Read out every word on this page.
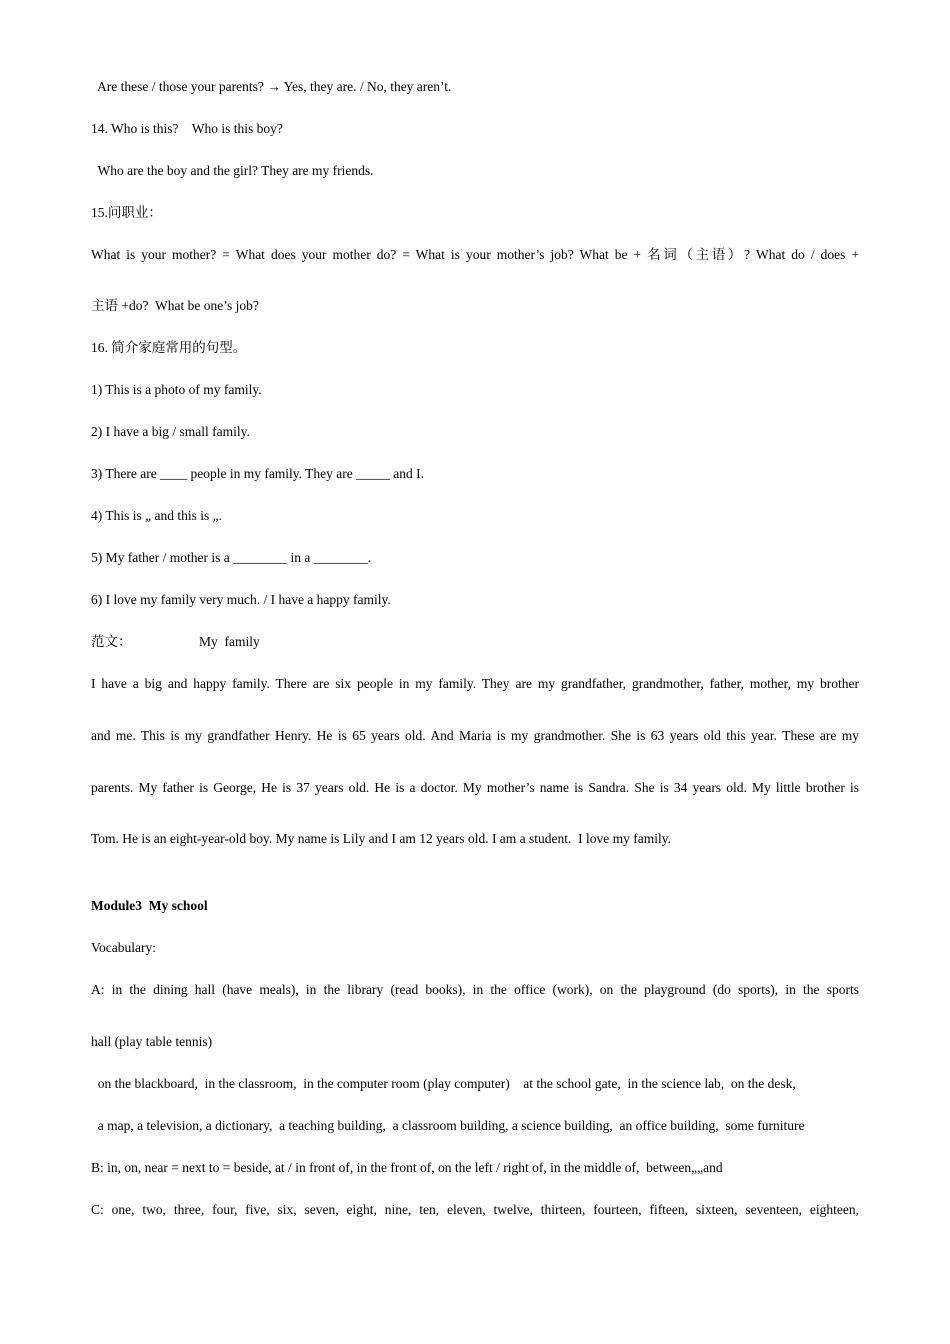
Are these / those your parents? → Yes, they are. / No, they aren’t.
14. Who is this?    Who is this boy?
Who are the boy and the girl? They are my friends.
15.问职业：
What is your mother? = What does your mother do? = What is your mother’s job? What be + 名词（主语）? What do / does +
主语 +do?  What be one’s job?
16. 简介家庭常用的句型。
1) This is a photo of my family.
2) I have a big / small family.
3) There are ____ people in my family. They are _____ and I.
4) This is „ and this is „.
5) My father / mother is a ________ in a ________.
6) I love my family very much. / I have a happy family.
范文：                    My  family
I have a big and happy family. There are six people in my family. They are my grandfather, grandmother, father, mother, my brother
and me. This is my grandfather Henry. He is 65 years old. And Maria is my grandmother. She is 63 years old this year. These are my
parents. My father is George, He is 37 years old. He is a doctor. My mother’s name is Sandra. She is 34 years old. My little brother is
Tom. He is an eight-year-old boy. My name is Lily and I am 12 years old. I am a student.  I love my family.
Module3  My school
Vocabulary:
A: in the dining hall (have meals), in the library (read books), in the office (work), on the playground (do sports), in the sports
hall (play table tennis)
on the blackboard,  in the classroom,  in the computer room (play computer)    at the school gate,  in the science lab,  on the desk,
a map, a television, a dictionary,  a teaching building,  a classroom building, a science building,  an office building,  some furniture
B: in, on, near = next to = beside, at / in front of, in the front of, on the left / right of, in the middle of,  between„„and
C: one, two, three, four, five, six, seven, eight, nine, ten, eleven, twelve, thirteen, fourteen, fifteen, sixteen, seventeen, eighteen,
